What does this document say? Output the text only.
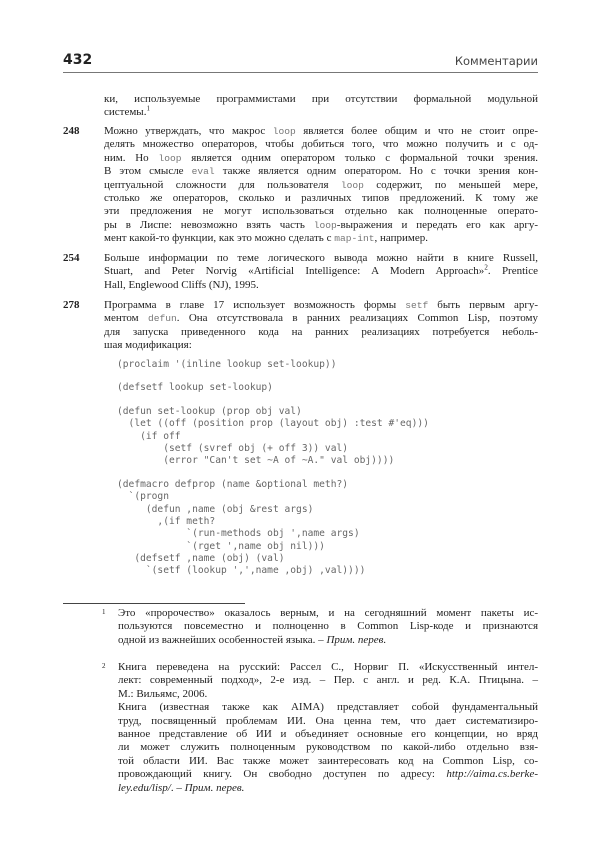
432	Комментарии
ки, используемые программистами при отсутствии формальной модульной
системы.$^1$
248 Можно утверждать, что макрос loop является более общим и что не стоит опре-
делять множество операторов, чтобы добиться того, что можно получить и с од-
ним. Но loop является одним оператором только с формальной точки зрения.
В этом смысле eval также является одним оператором. Но с точки зрения кон-
цептуальной сложности для пользователя loop содержит, по меньшей мере,
столько же операторов, сколько и различных типов предложений. К тому же
эти предложения не могут использоваться отдельно как полноценные операто-
ры в Лиспе: невозможно взять часть loop-выражения и передать его как аргу-
мент какой-то функции, как это можно сделать с map-int, например.
254 Больше информации по теме логического вывода можно найти в книге Russell,
Stuart, and Peter Norvig «Artificial Intelligence: A Modern Approach»$^2$. Prentice
Hall, Englewood Cliffs (NJ), 1995.
278 Программа в главе 17 использует возможность формы setf быть первым аргу-
ментом defun. Она отсутствовала в ранних реализациях Common Lisp, поэтому
для запуска приведенного кода на ранних реализациях потребуется неболь-
шая модификация:
(proclaim '(inline lookup set-lookup))
(defsetf lookup set-lookup)
(defun set-lookup (prop obj val)
(let ((off (position prop (layout obj) :test #'eq)))
(if off
(setf (svref obj (+ off 3)) val)
(error "Can't set ~A of ~A." val obj))))
(defmacro defprop (name &optional meth?)
`(progn
(defun ,name (obj &rest args)
,(if meth?
`(run-methods obj ',name args)
`(rget ',name obj nil)))
(defsetf ,name (obj) (val)
`(setf (lookup ',',name ,obj) ,val))))
1 Это «пророчество» оказалось верным, и на сегодняшний момент пакеты ис-
пользуются повсеместно и полноценно в Common Lisp-коде и признаются
одной из важнейших особенностей языка. – Прим. перев.
2 Книга переведена на русский: Рассел С., Норвиг П. «Искусственный интел-
лект: современный подход», 2-е изд. – Пер. с англ. и ред. К.А. Птицына. –
М.: Вильямс, 2006.
Книга (известная также как AIMA) представляет собой фундаментальный
труд, посвященный проблемам ИИ. Она ценна тем, что дает систематизиро-
ванное представление об ИИ и объединяет основные его концепции, но вряд
ли может служить полноценным руководством по какой-либо отдельно взя-
той области ИИ. Вас также может заинтересовать код на Common Lisp, со-
провождающий книгу. Он свободно доступен по адресу: http://aima.cs.berke-
ley.edu/lisp/. – Прим. перев.
